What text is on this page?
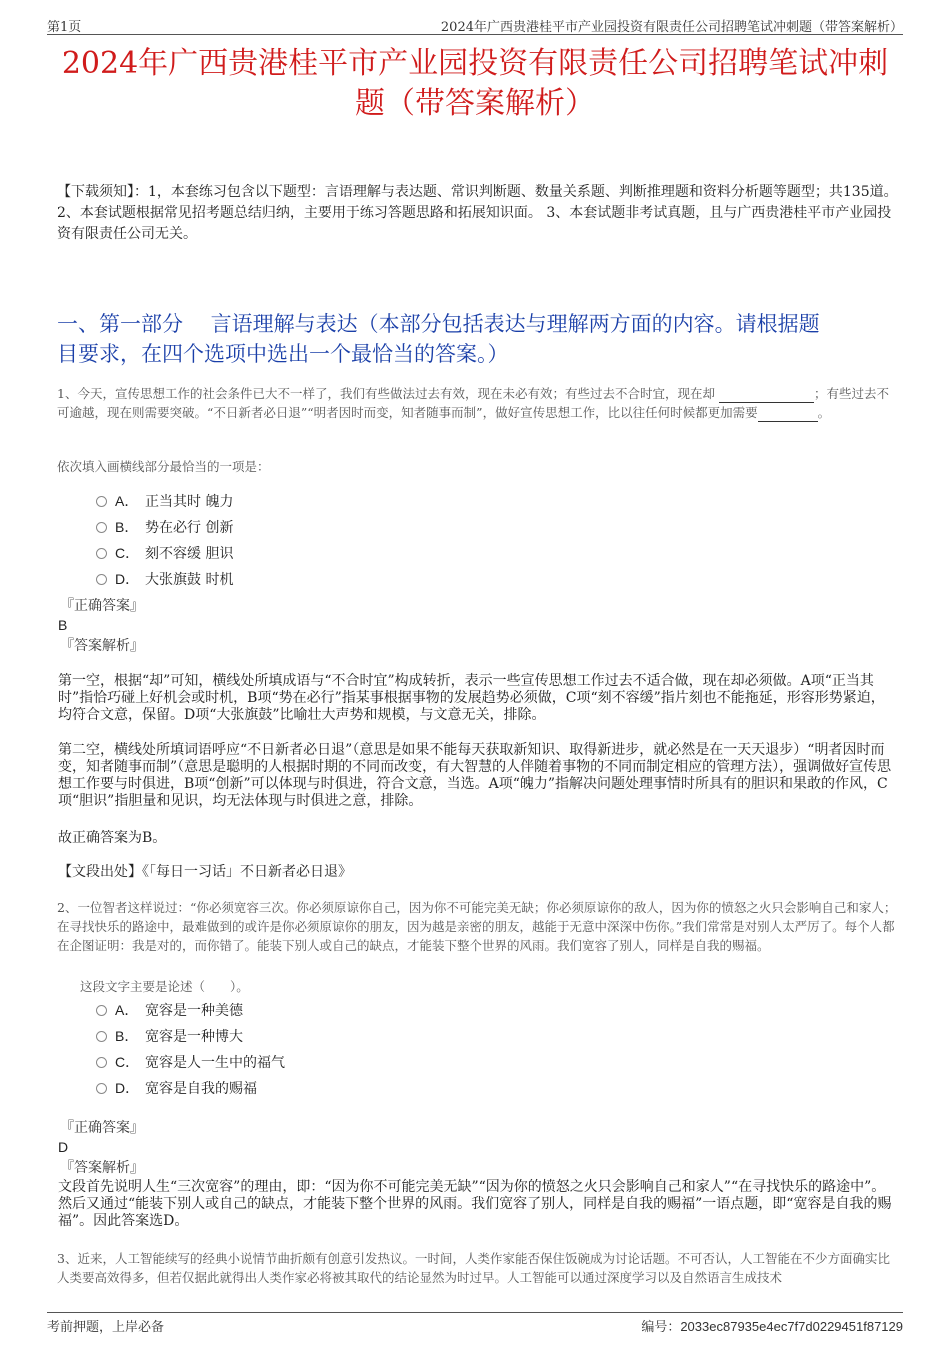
第1页	2024年广西贵港桂平市产业园投资有限责任公司招聘笔试冲刺题（带答案解析）
2024年广西贵港桂平市产业园投资有限责任公司招聘笔试冲刺
题（带答案解析）
【下载须知】：1，本套练习包含以下题型：言语理解与表达题、常识判断题、数量关系题、判断推理题和资料分析题等题型；共135道。 2、本套试题根据常见招考题总结归纳，主要用于练习答题思路和拓展知识面。 3、本套试题非考试真题，且与广西贵港桂平市产业园投资有限责任公司无关。
一、第一部分　 言语理解与表达（本部分包括表达与理解两方面的内容。请根据题
目要求，在四个选项中选出一个最恰当的答案。）
1、今天，宣传思想工作的社会条件已大不一样了，我们有些做法过去有效，现在未必有效；有些过去不合时宜，现在却	；有些过去不可逾越，现在则需要突破。“不日新者必日退”“明者因时而变，知者随事而制”，做好宣传思想工作，比以往任何时候都更加需要	。
依次填入画横线部分最恰当的一项是：
A． 正当其时 魄力
B． 势在必行 创新
C． 刻不容缓 胆识
D． 大张旗鼓 时机
『正确答案』
B
『答案解析』
第一空，根据“却”可知，横线处所填成语与“不合时宜”构成转折，表示一些宣传思想工作过去不适合做，现在却必须做。A项“正当其时”指恰巧碰上好机会或时机，B项“势在必行”指某事根据事物的发展趋势必须做，C项“刻不容缓”指片刻也不能拖延，形容形势紧迫，均符合文意，保留。D项“大张旗鼓”比喻壮大声势和规模，与文意无关，排除。
第二空，横线处所填词语呼应“不日新者必日退”（意思是如果不能每天获取新知识、取得新进步，就必然是在一天天退步）“明者因时而变，知者随事而制”（意思是聪明的人根据时期的不同而改变，有大智慧的人伴随着事物的不同而制定相应的管理方法），强调做好宣传思想工作要与时俱进，B项“创新”可以体现与时俱进，符合文意，当选。A项“魄力”指解决问题处理事情时所具有的胆识和果敢的作风，C项“胆识”指胆量和见识，均无法体现与时俱进之意，排除。
故正确答案为B。
【文段出处】《「每日一习话」不日新者必日退》
2、一位智者这样说过：“你必须宽容三次。你必须原谅你自己，因为你不可能完美无缺；你必须原谅你的敌人，因为你的愤怒之火只会影响自己和家人；在寻找快乐的路途中，最难做到的或许是你必须原谅你的朋友，因为越是亲密的朋友，越能于无意中深深中伤你。”我们常常是对别人太严厉了。每个人都在企图证明：我是对的，而你错了。能装下别人或自己的缺点，才能装下整个世界的风雨。我们宽容了别人，同样是自我的赐福。
这段文字主要是论述（　　）。
A． 宽容是一种美德
B． 宽容是一种博大
C． 宽容是人一生中的福气
D． 宽容是自我的赐福
『正确答案』
D
『答案解析』
文段首先说明人生“三次宽容”的理由，即：“因为你不可能完美无缺”“因为你的愤怒之火只会影响自己和家人”“在寻找快乐的路途中”。然后又通过“能装下别人或自己的缺点，才能装下整个世界的风雨。我们宽容了别人，同样是自我的赐福”一语点题，即“宽容是自我的赐福”。因此答案选D。
3、近来，人工智能续写的经典小说情节曲折颇有创意引发热议。一时间，人类作家能否保住饭碗成为讨论话题。不可否认，人工智能在不少方面确实比人类要高效得多，但若仅据此就得出人类作家必将被其取代的结论显然为时过早。人工智能可以通过深度学习以及自然语言生成技术
考前押题，上岸必备	编号：2033ec87935e4ec7f7d0229451f87129
